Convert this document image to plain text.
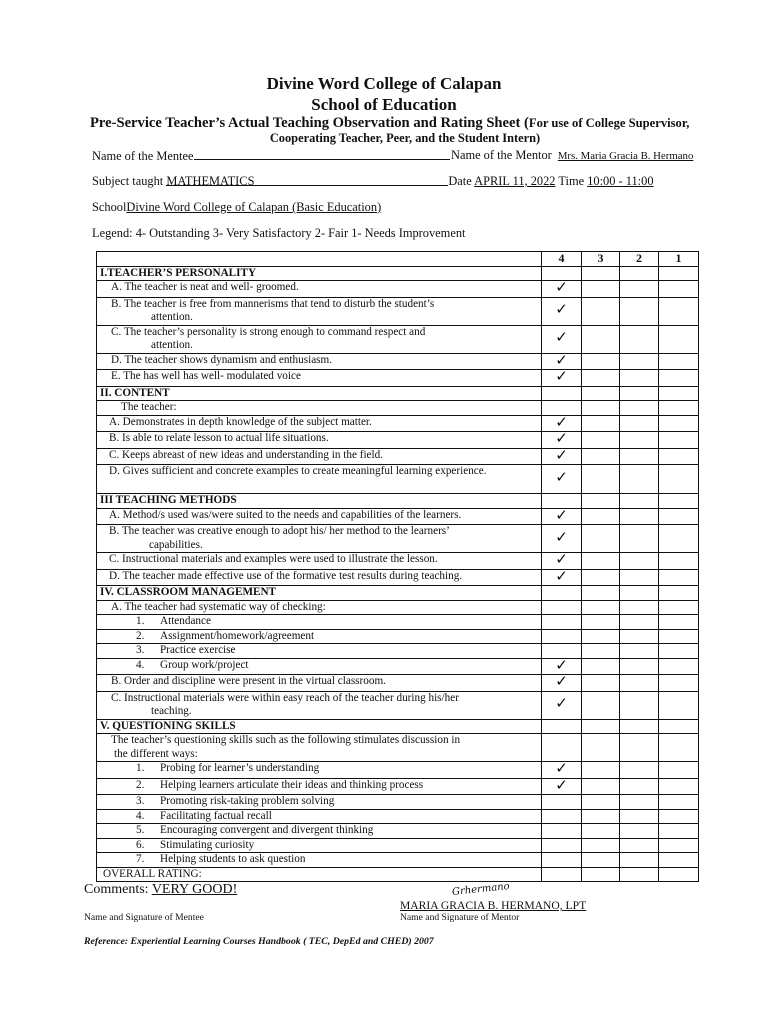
Divine Word College of Calapan
School of Education
Pre-Service Teacher’s Actual Teaching Observation and Rating Sheet (For use of College Supervisor,
Cooperating Teacher, Peer, and the Student Intern)
Name of the Mentee	Name of the Mentor Mrs. Maria Gracia B. Hermano
Subject taught MATHEMATICS	Date APRIL 11, 2022 Time 10:00 - 11:00
SchoolDivine Word College of Calapan (Basic Education)
Legend: 4- Outstanding 3- Very Satisfactory 2- Fair 1- Needs Improvement
	4	3	2	1
I.TEACHER’S PERSONALITY				
A. The teacher is neat and well- groomed.	✓			
B. The teacher is free from mannerisms that tend to disturb the student’s
attention.	✓			
C. The teacher’s personality is strong enough to command respect and
attention.	✓			
D. The teacher shows dynamism and enthusiasm.	✓			
E. The has well has well- modulated voice	✓			
II. CONTENT				
The teacher:				
A. Demonstrates in depth knowledge of the subject matter.	✓			
B. Is able to relate lesson to actual life situations.	✓			
C. Keeps abreast of new ideas and understanding in the field.	✓			
D. Gives sufficient and concrete examples to create meaningful learning experience.	✓			
III TEACHING METHODS				
A. Method/s used was/were suited to the needs and capabilities of the learners.	✓			
B. The teacher was creative enough to adopt his/ her method to the learners’
capabilities.	✓			
C. Instructional materials and examples were used to illustrate the lesson.	✓			
D. The teacher made effective use of the formative test results during teaching.	✓			
IV. CLASSROOM MANAGEMENT				
A. The teacher had systematic way of checking:				
1. Attendance				
2. Assignment/homework/agreement				
3. Practice exercise				
4. Group work/project	✓			
B. Order and discipline were present in the virtual classroom.	✓			
C. Instructional materials were within easy reach of the teacher during his/her
teaching.	✓			
V. QUESTIONING SKILLS				
The teacher’s questioning skills such as the following stimulates discussion in
the different ways:				

1. Probing for learner’s understanding	✓			
2. Helping learners articulate their ideas and thinking process	✓			
3. Promoting risk-taking problem solving				
4. Facilitating factual recall				
5. Encouraging convergent and divergent thinking				
6. Stimulating curiosity				
7. Helping students to ask question				
OVERALL RATING:				
Comments: VERY GOOD!	Grhermano
MARIA GRACIA B. HERMANO, LPT
Name and Signature of Mentee	Name and Signature of Mentor
Reference: Experiential Learning Courses Handbook ( TEC, DepEd and CHED) 2007
